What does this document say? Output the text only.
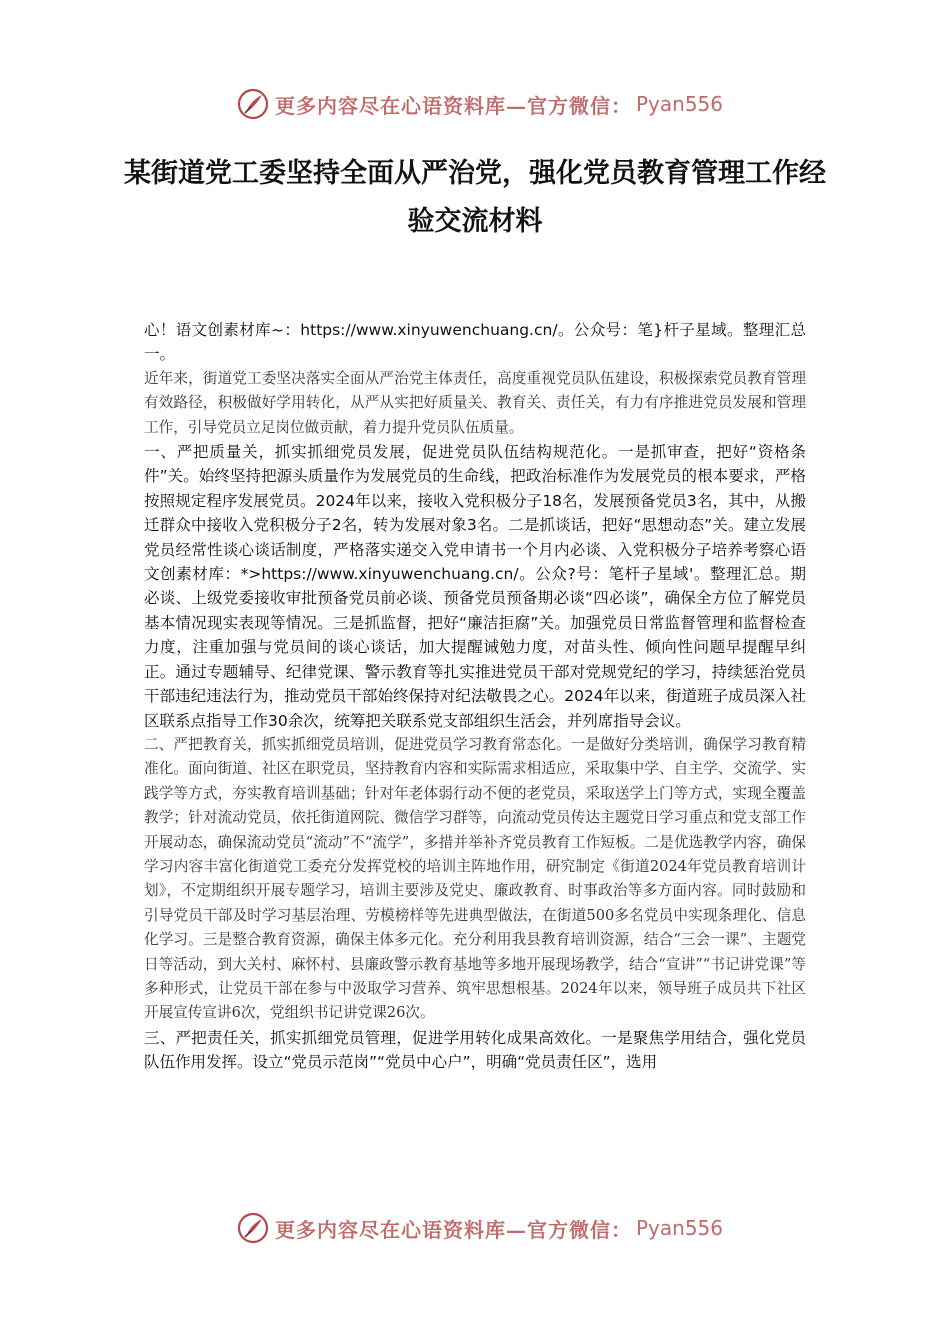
更多内容尽在心语资料库—官方微信： Pyan556
某街道党工委坚持全面从严治党，强化党员教育管理工作经验交流材料

心！语文创素材库~：https://www.xinyuwenchuang.cn/。公众号：笔}杆子星域。整理汇总一。

近年来，街道党工委坚决落实全面从严治党主体责任，高度重视党员队伍建设，积极探索党员教育管理有效路径，积极做好学用转化，从严从实把好质量关、教育关、责任关，有力有序推进党员发展和管理工作，引导党员立足岗位做贡献，着力提升党员队伍质量。

一、严把质量关，抓实抓细党员发展，促进党员队伍结构规范化。一是抓审查，把好“资格条件”关。始终坚持把源头质量作为发展党员的生命线，把政治标准作为发展党员的根本要求，严格按照规定程序发展党员。2024年以来，接收入党积极分子18名，发展预备党员3名，其中，从搬迁群众中接收入党积极分子2名，转为发展对象3名。二是抓谈话，把好“思想动态”关。建立发展党员经常性谈心谈话制度，严格落实递交入党申请书一个月内必谈、入党积极分子培养考察心语文创素材库：*>https://www.xinyuwenchuang.cn/。公众?号：笔杆子星域'。整理汇总。期必谈、上级党委接收审批预备党员前必谈、预备党员预备期必谈“四必谈”，确保全方位了解党员基本情况现实表现等情况。三是抓监督，把好“廉洁拒腐”关。加强党员日常监督管理和监督检查力度，注重加强与党员间的谈心谈话，加大提醒诫勉力度，对苗头性、倾向性问题早提醒早纠正。通过专题辅导、纪律党课、警示教育等扎实推进党员干部对党规党纪的学习，持续惩治党员干部违纪违法行为，推动党员干部始终保持对纪法敬畏之心。2024年以来，街道班子成员深入社区联系点指导工作30余次，统筹把关联系党支部组织生活会，并列席指导会议。

二、严把教育关，抓实抓细党员培训，促进党员学习教育常态化。一是做好分类培训，确保学习教育精准化。面向街道、社区在职党员，坚持教育内容和实际需求相适应，采取集中学、自主学、交流学、实践学等方式，夯实教育培训基础；针对年老体弱行动不便的老党员，采取送学上门等方式，实现全覆盖教学；针对流动党员，依托街道网院、微信学习群等，向流动党员传达主题党日学习重点和党支部工作开展动态，确保流动党员“流动”不“流学”，多措并举补齐党员教育工作短板。二是优选教学内容，确保学习内容丰富化街道党工委充分发挥党校的培训主阵地作用，研究制定《街道2024年党员教育培训计划》，不定期组织开展专题学习，培训主要涉及党史、廉政教育、时事政治等多方面内容。同时鼓励和引导党员干部及时学习基层治理、劳模榜样等先进典型做法，在街道500多名党员中实现条理化、信息化学习。三是整合教育资源，确保主体多元化。充分利用我县教育培训资源，结合“三会一课”、主题党日等活动，到大关村、麻怀村、县廉政警示教育基地等多地开展现场教学，结合“宣讲”“书记讲党课”等多种形式，让党员干部在参与中汲取学习营养、筑牢思想根基。2024年以来，领导班子成员共下社区开展宣传宣讲6次，党组织书记讲党课26次。

三、严把责任关，抓实抓细党员管理，促进学用转化成果高效化。一是聚焦学用结合，强化党员队伍作用发挥。设立“党员示范岗”“党员中心户”，明确“党员责任区”，选用

更多内容尽在心语资料库—官方微信： Pyan556
